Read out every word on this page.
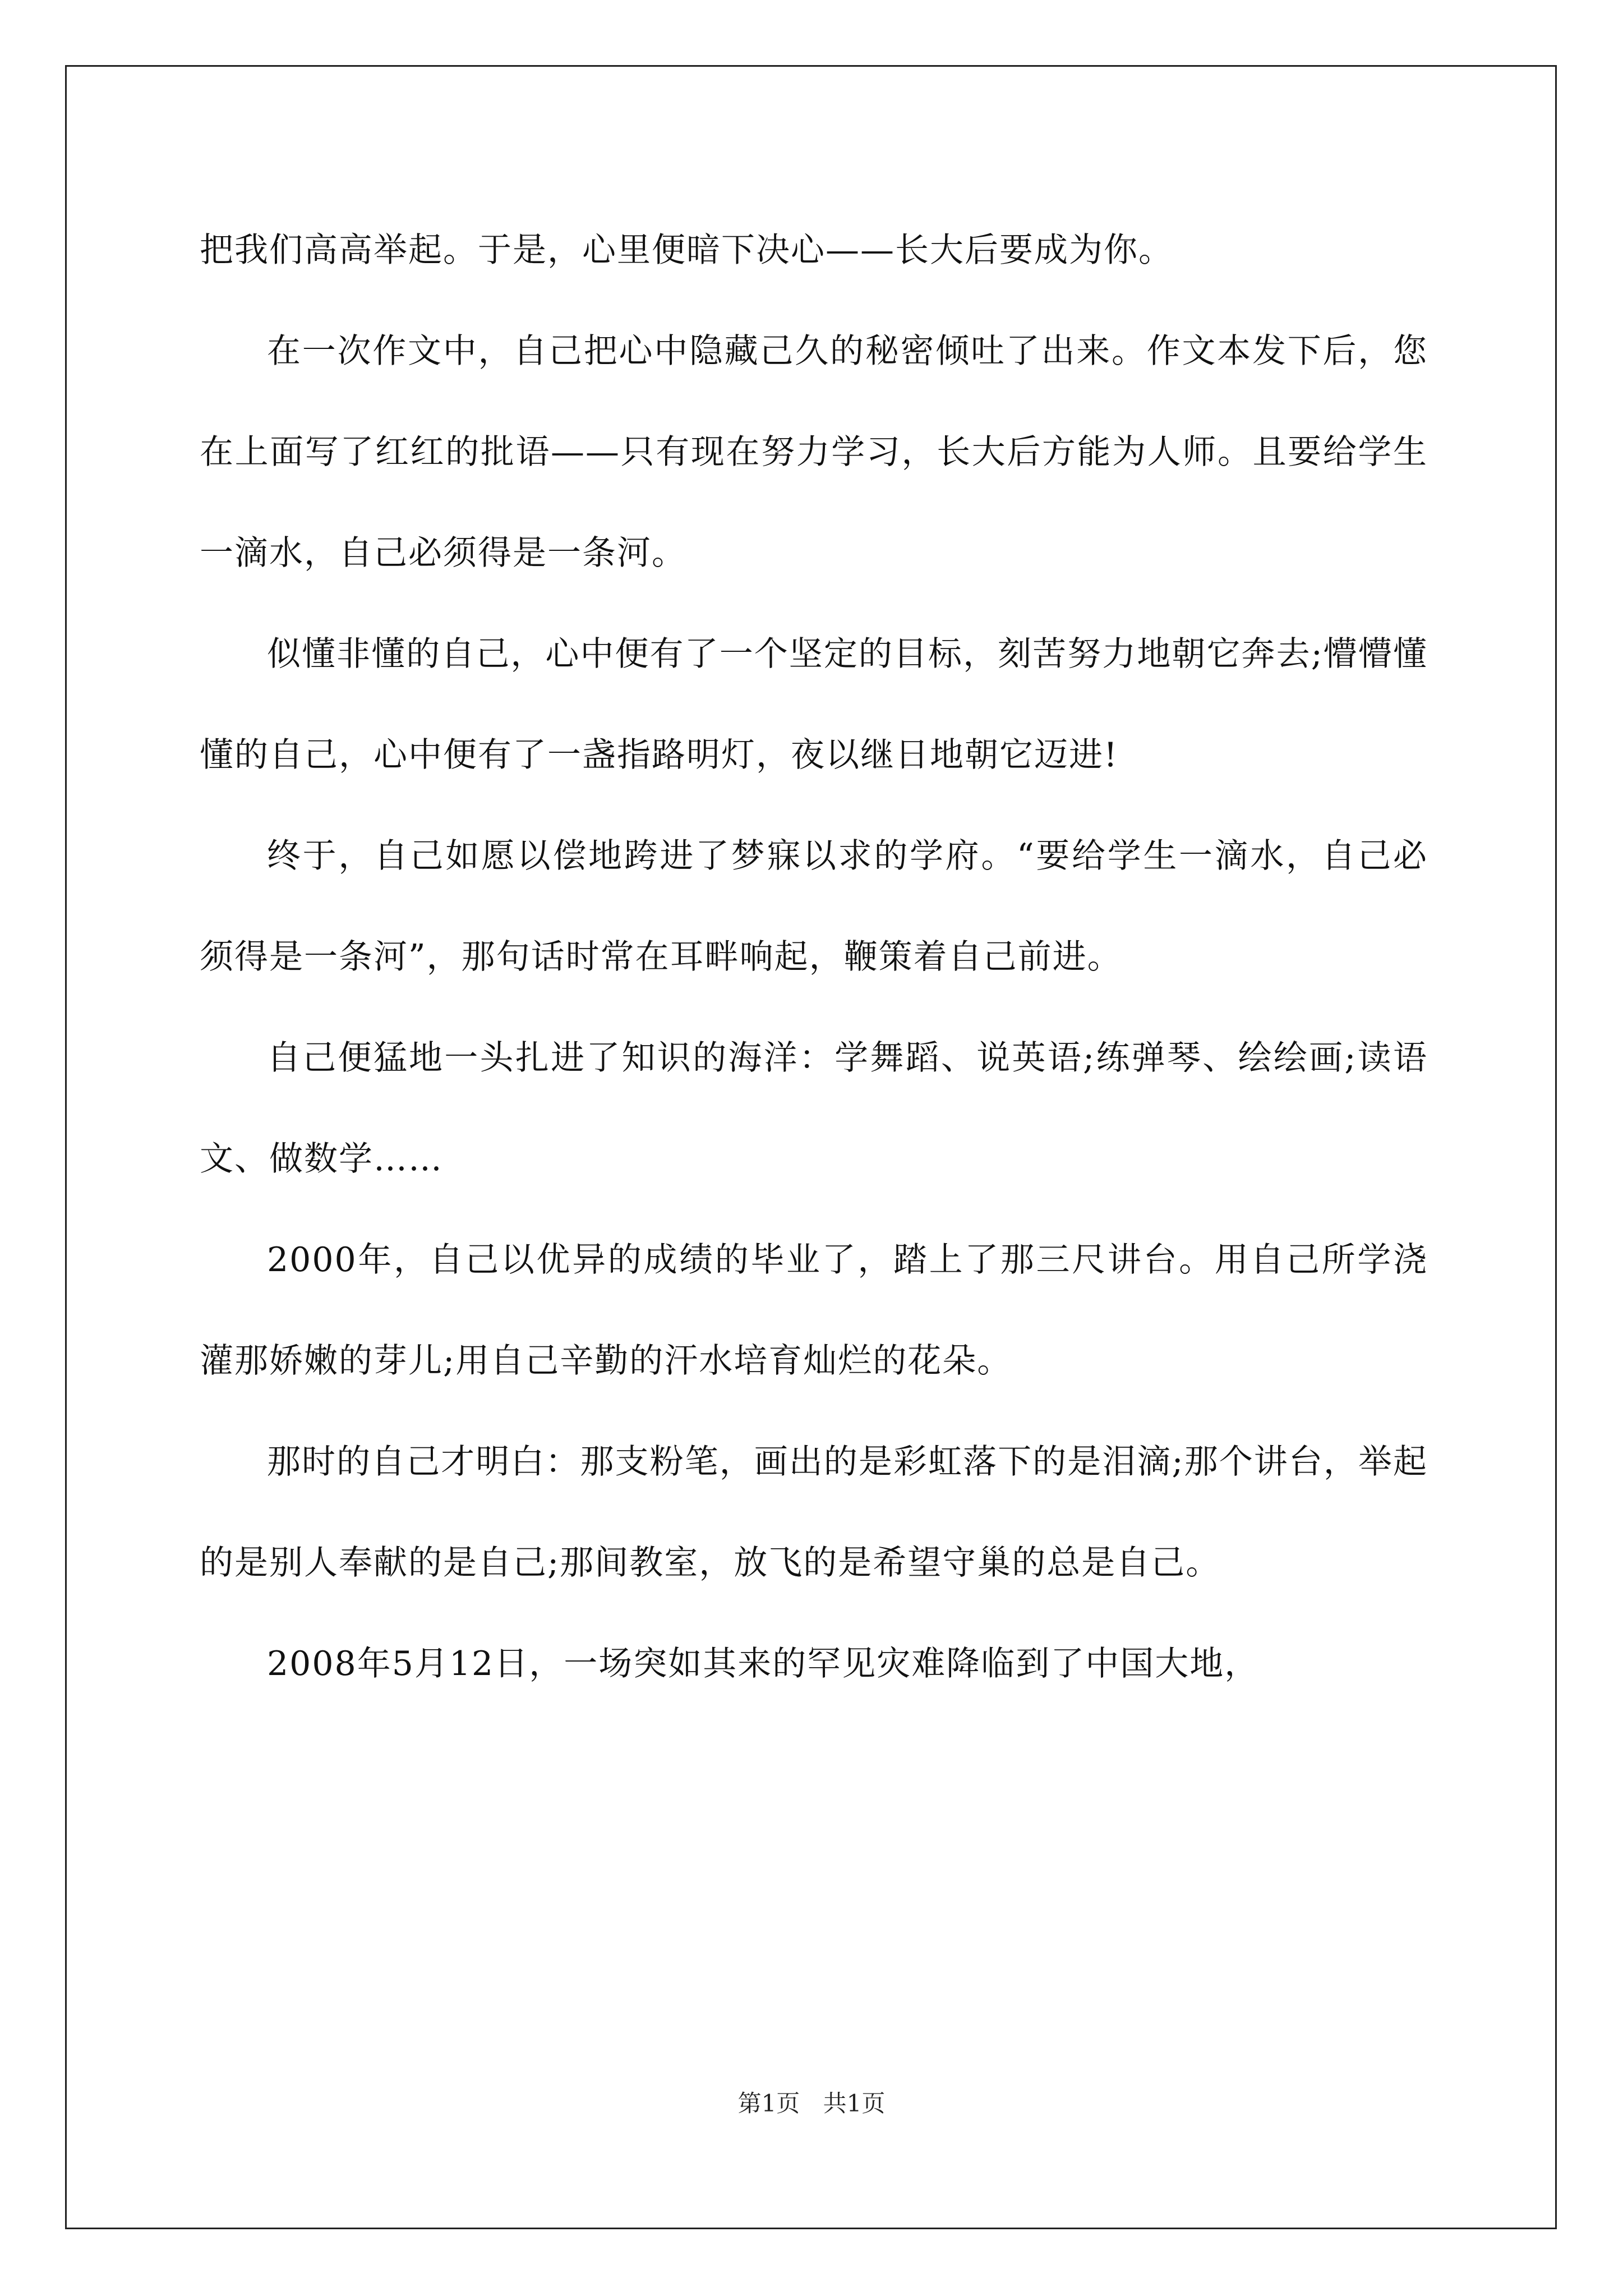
把我们高高举起。于是，心里便暗下决心——长大后要成为你。

在一次作文中，自己把心中隐藏己久的秘密倾吐了出来。作文本发下后，您在上面写了红红的批语——只有现在努力学习，长大后方能为人师。且要给学生一滴水，自己必须得是一条河。

似懂非懂的自己，心中便有了一个坚定的目标，刻苦努力地朝它奔去;懵懵懂懂的自己，心中便有了一盏指路明灯，夜以继日地朝它迈进!

终于，自己如愿以偿地跨进了梦寐以求的学府。“要给学生一滴水，自己必须得是一条河”，那句话时常在耳畔响起，鞭策着自己前进。

自己便猛地一头扎进了知识的海洋：学舞蹈、说英语;练弹琴、绘绘画;读语文、做数学……

2000年，自己以优异的成绩的毕业了，踏上了那三尺讲台。用自己所学浇灌那娇嫩的芽儿;用自己辛勤的汗水培育灿烂的花朵。

那时的自己才明白：那支粉笔，画出的是彩虹落下的是泪滴;那个讲台，举起的是别人奉献的是自己;那间教室，放飞的是希望守巢的总是自己。

2008年5月12日，一场突如其来的罕见灾难降临到了中国大地，

第1页 共1页
